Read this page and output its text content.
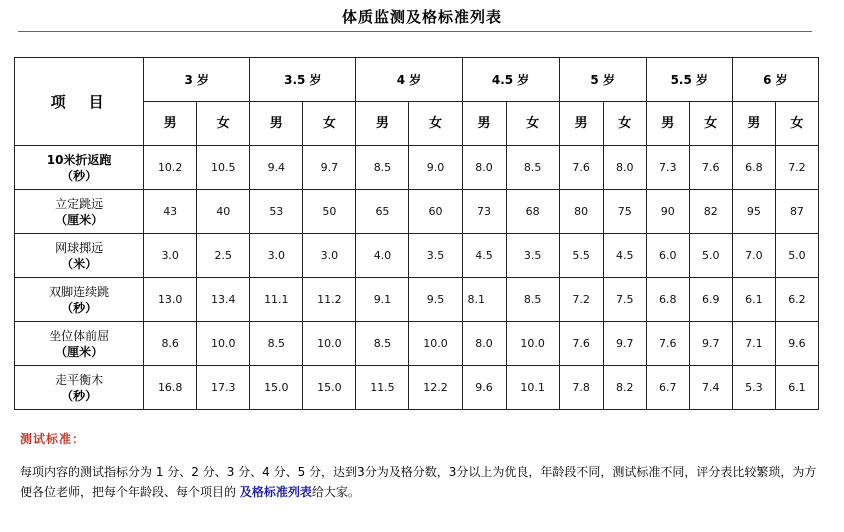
体质监测及格标准列表
项　目	3 岁		3.5 岁		4 岁		4.5 岁		5 岁		5.5 岁		6 岁	
	男	女	男	女	男	女	男	女	男	女	男	女	男	女

10米折返跑
（秒）	10.2	10.5	9.4	9.7	8.5	9.0	8.0	8.5	7.6	8.0	7.3	7.6	6.8	7.2

立定跳远
（厘米）	43	40	53	50	65	60	73	68	80	75	90	82	95	87

网球掷远
（米）	3.0	2.5	3.0	3.0	4.0	3.5	4.5	3.5	5.5	4.5	6.0	5.0	7.0	5.0

双脚连续跳
（秒）	13.0	13.4	11.1	11.2	9.1	9.5	8.1	8.5	7.2	7.5	6.8	6.9	6.1	6.2

坐位体前屈
（厘米）	8.6	10.0	8.5	10.0	8.5	10.0	8.0	10.0	7.6	9.7	7.6	9.7	7.1	9.6

走平衡木
（秒）	16.8	17.3	15.0	15.0	11.5	12.2	9.6	10.1	7.8	8.2	6.7	7.4	5.3	6.1
测试标准：
每项内容的测试指标分为 1 分、2 分、3 分、4 分、5 分，达到3分为及格分数，3分以上为优良，年龄段不同，测试标准不同，评分表比较繁琐，为方便各位老师，把每个年龄段、每个项目的 及格标准列表给大家。
